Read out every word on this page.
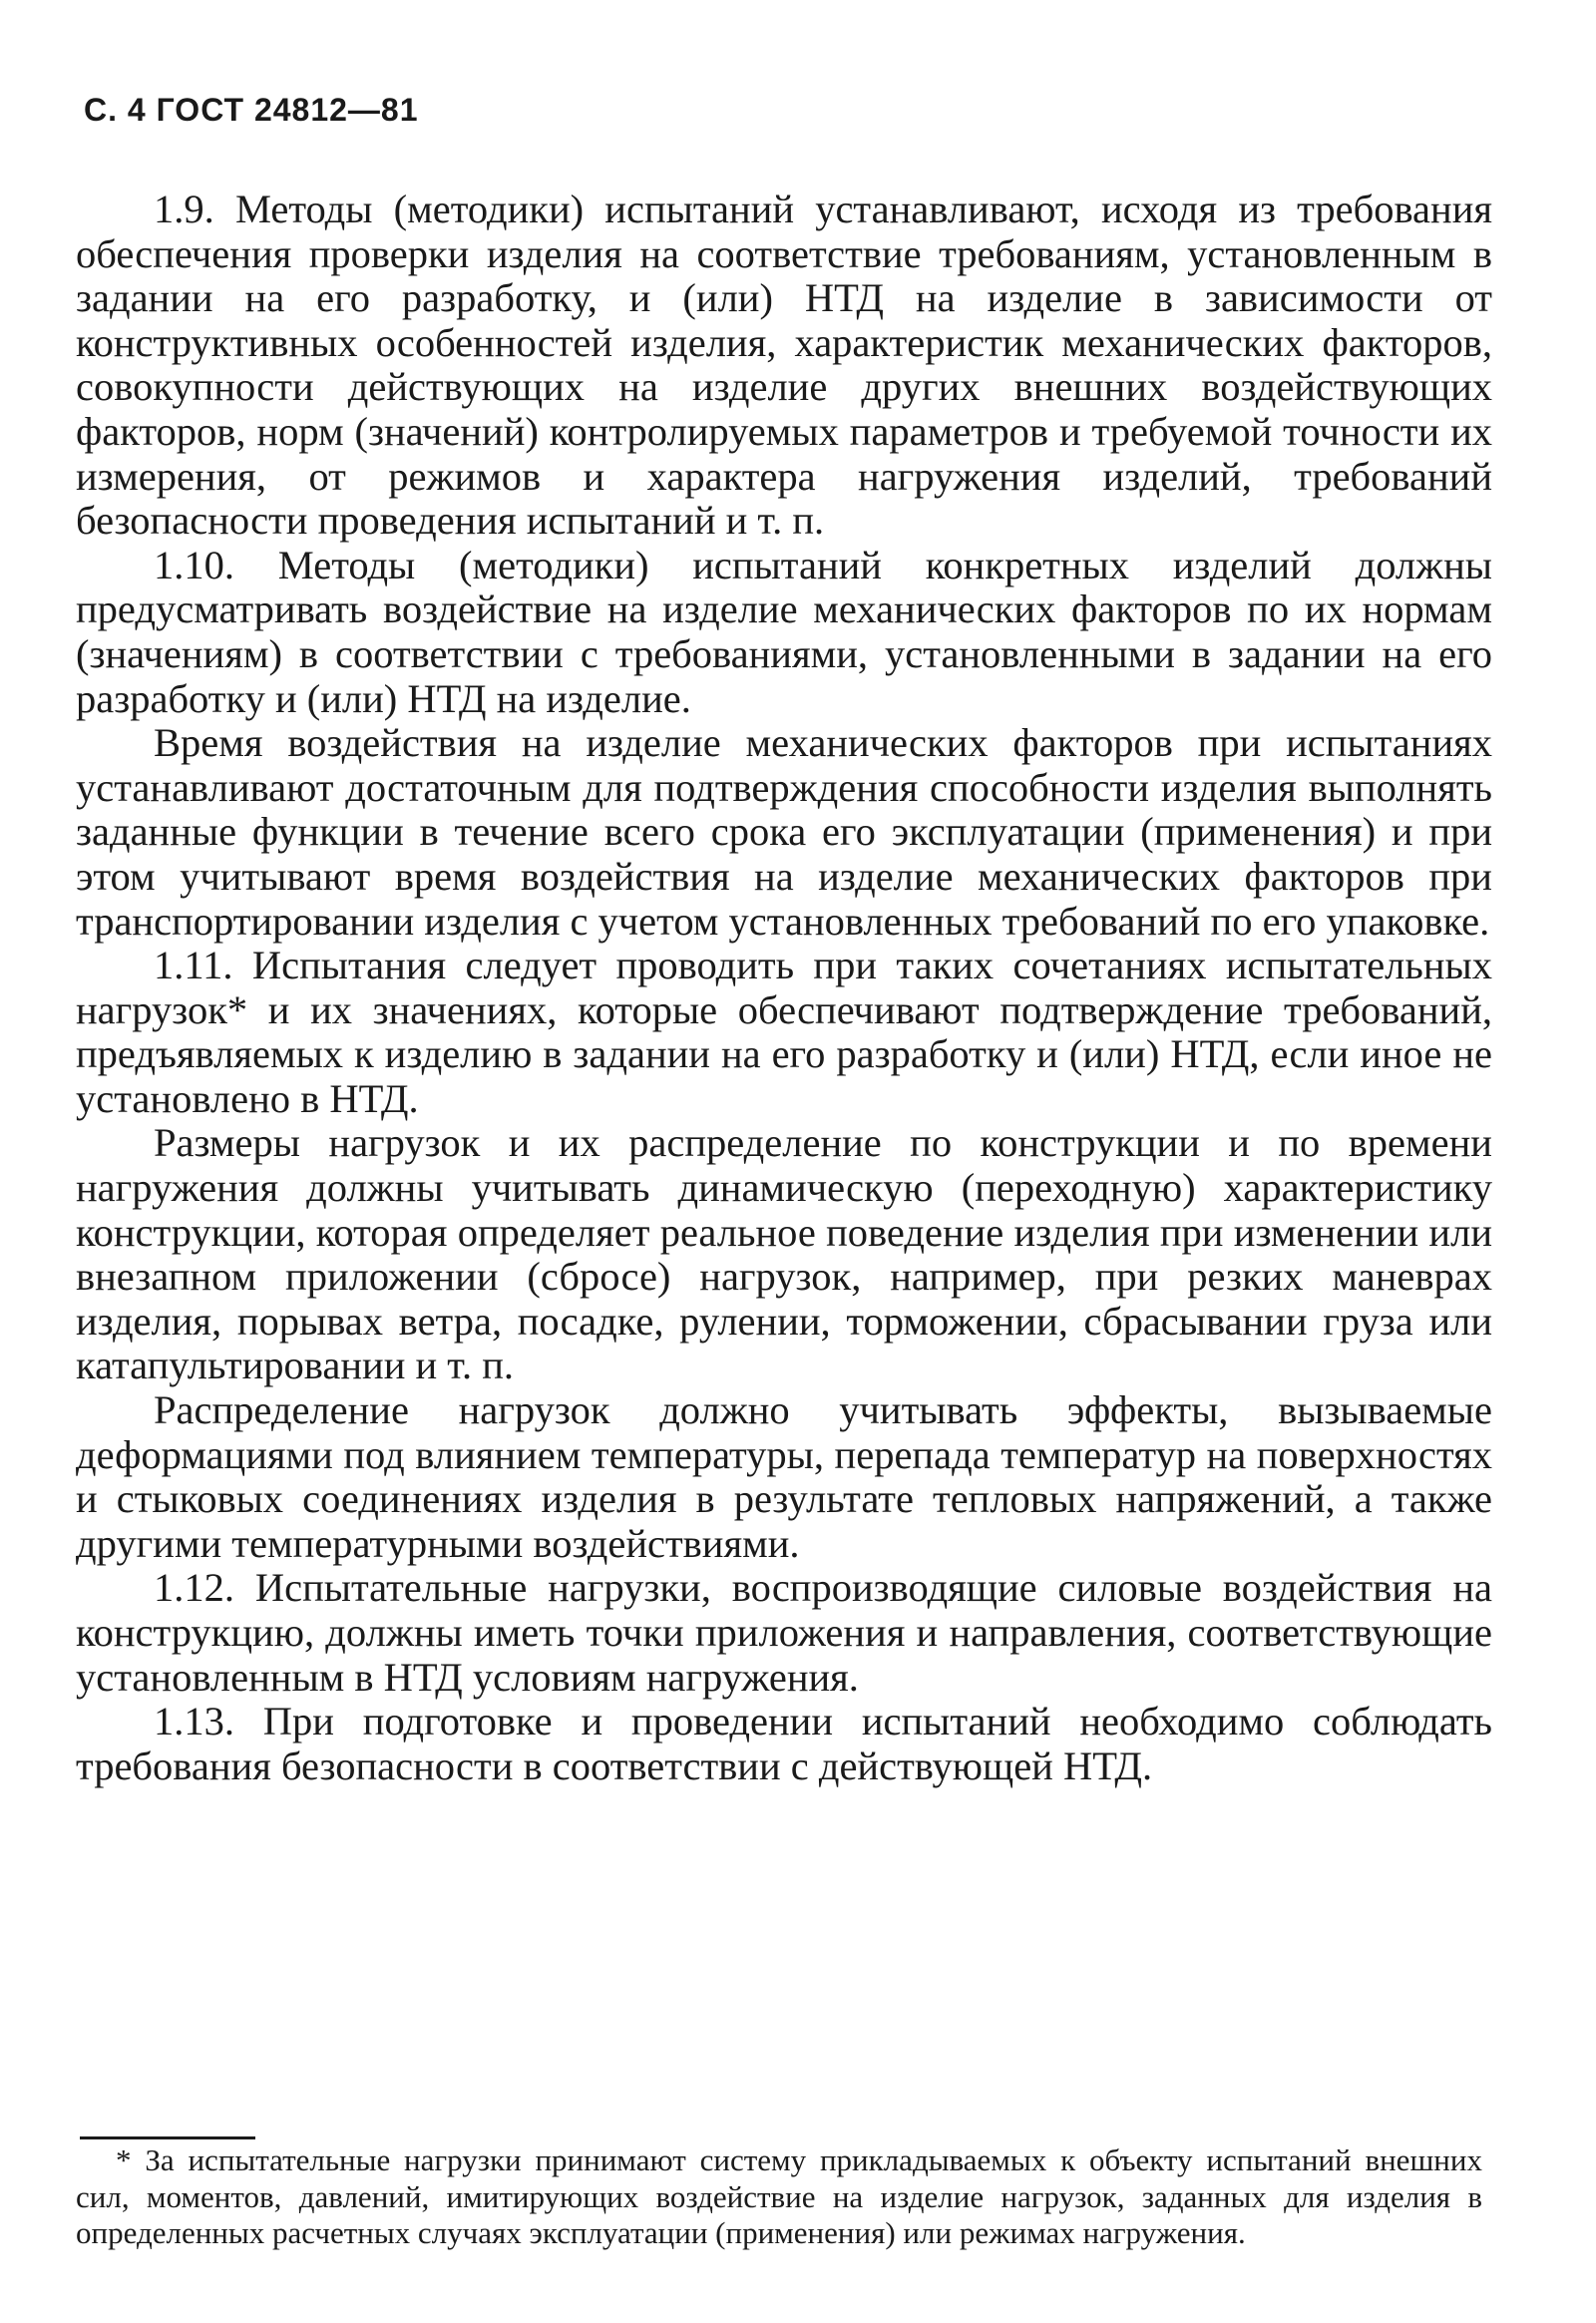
С. 4 ГОСТ 24812—81

1.9. Методы (методики) испытаний устанавливают, исходя из требования обеспечения проверки изделия на соответствие требованиям, установленным в задании на его разработку, и (или) НТД на изделие в зависимости от конструктивных особенностей изделия, характеристик механических факторов, совокупности действующих на изделие других внешних воздействующих факторов, норм (значений) контролируемых параметров и требуемой точности их измерения, от режимов и характера нагружения изделий, требований безопасности проведения испытаний и т. п.

1.10. Методы (методики) испытаний конкретных изделий должны предусматривать воздействие на изделие механических факторов по их нормам (значениям) в соответствии с требованиями, установленными в задании на его разработку и (или) НТД на изделие.

Время воздействия на изделие механических факторов при испытаниях устанавливают достаточным для подтверждения способности изделия выполнять заданные функции в течение всего срока его эксплуатации (применения) и при этом учитывают время воздействия на изделие механических факторов при транспортировании изделия с учетом установленных требований по его упаковке.

1.11. Испытания следует проводить при таких сочетаниях испытательных нагрузок* и их значениях, которые обеспечивают подтверждение требований, предъявляемых к изделию в задании на его разработку и (или) НТД, если иное не установлено в НТД.

Размеры нагрузок и их распределение по конструкции и по времени нагружения должны учитывать динамическую (переходную) характеристику конструкции, которая определяет реальное поведение изделия при изменении или внезапном приложении (сбросе) нагрузок, например, при резких маневрах изделия, порывах ветра, посадке, рулении, торможении, сбрасывании груза или катапультировании и т. п.

Распределение нагрузок должно учитывать эффекты, вызываемые деформациями под влиянием температуры, перепада температур на поверхностях и стыковых соединениях изделия в результате тепловых напряжений, а также другими температурными воздействиями.

1.12. Испытательные нагрузки, воспроизводящие силовые воздействия на конструкцию, должны иметь точки приложения и направления, соответствующие установленным в НТД условиям нагружения.

1.13. При подготовке и проведении испытаний необходимо соблюдать требования безопасности в соответствии с действующей НТД.

* За испытательные нагрузки принимают систему прикладываемых к объекту испытаний внешних сил, моментов, давлений, имитирующих воздействие на изделие нагрузок, заданных для изделия в определенных расчетных случаях эксплуатации (применения) или режимах нагружения.
